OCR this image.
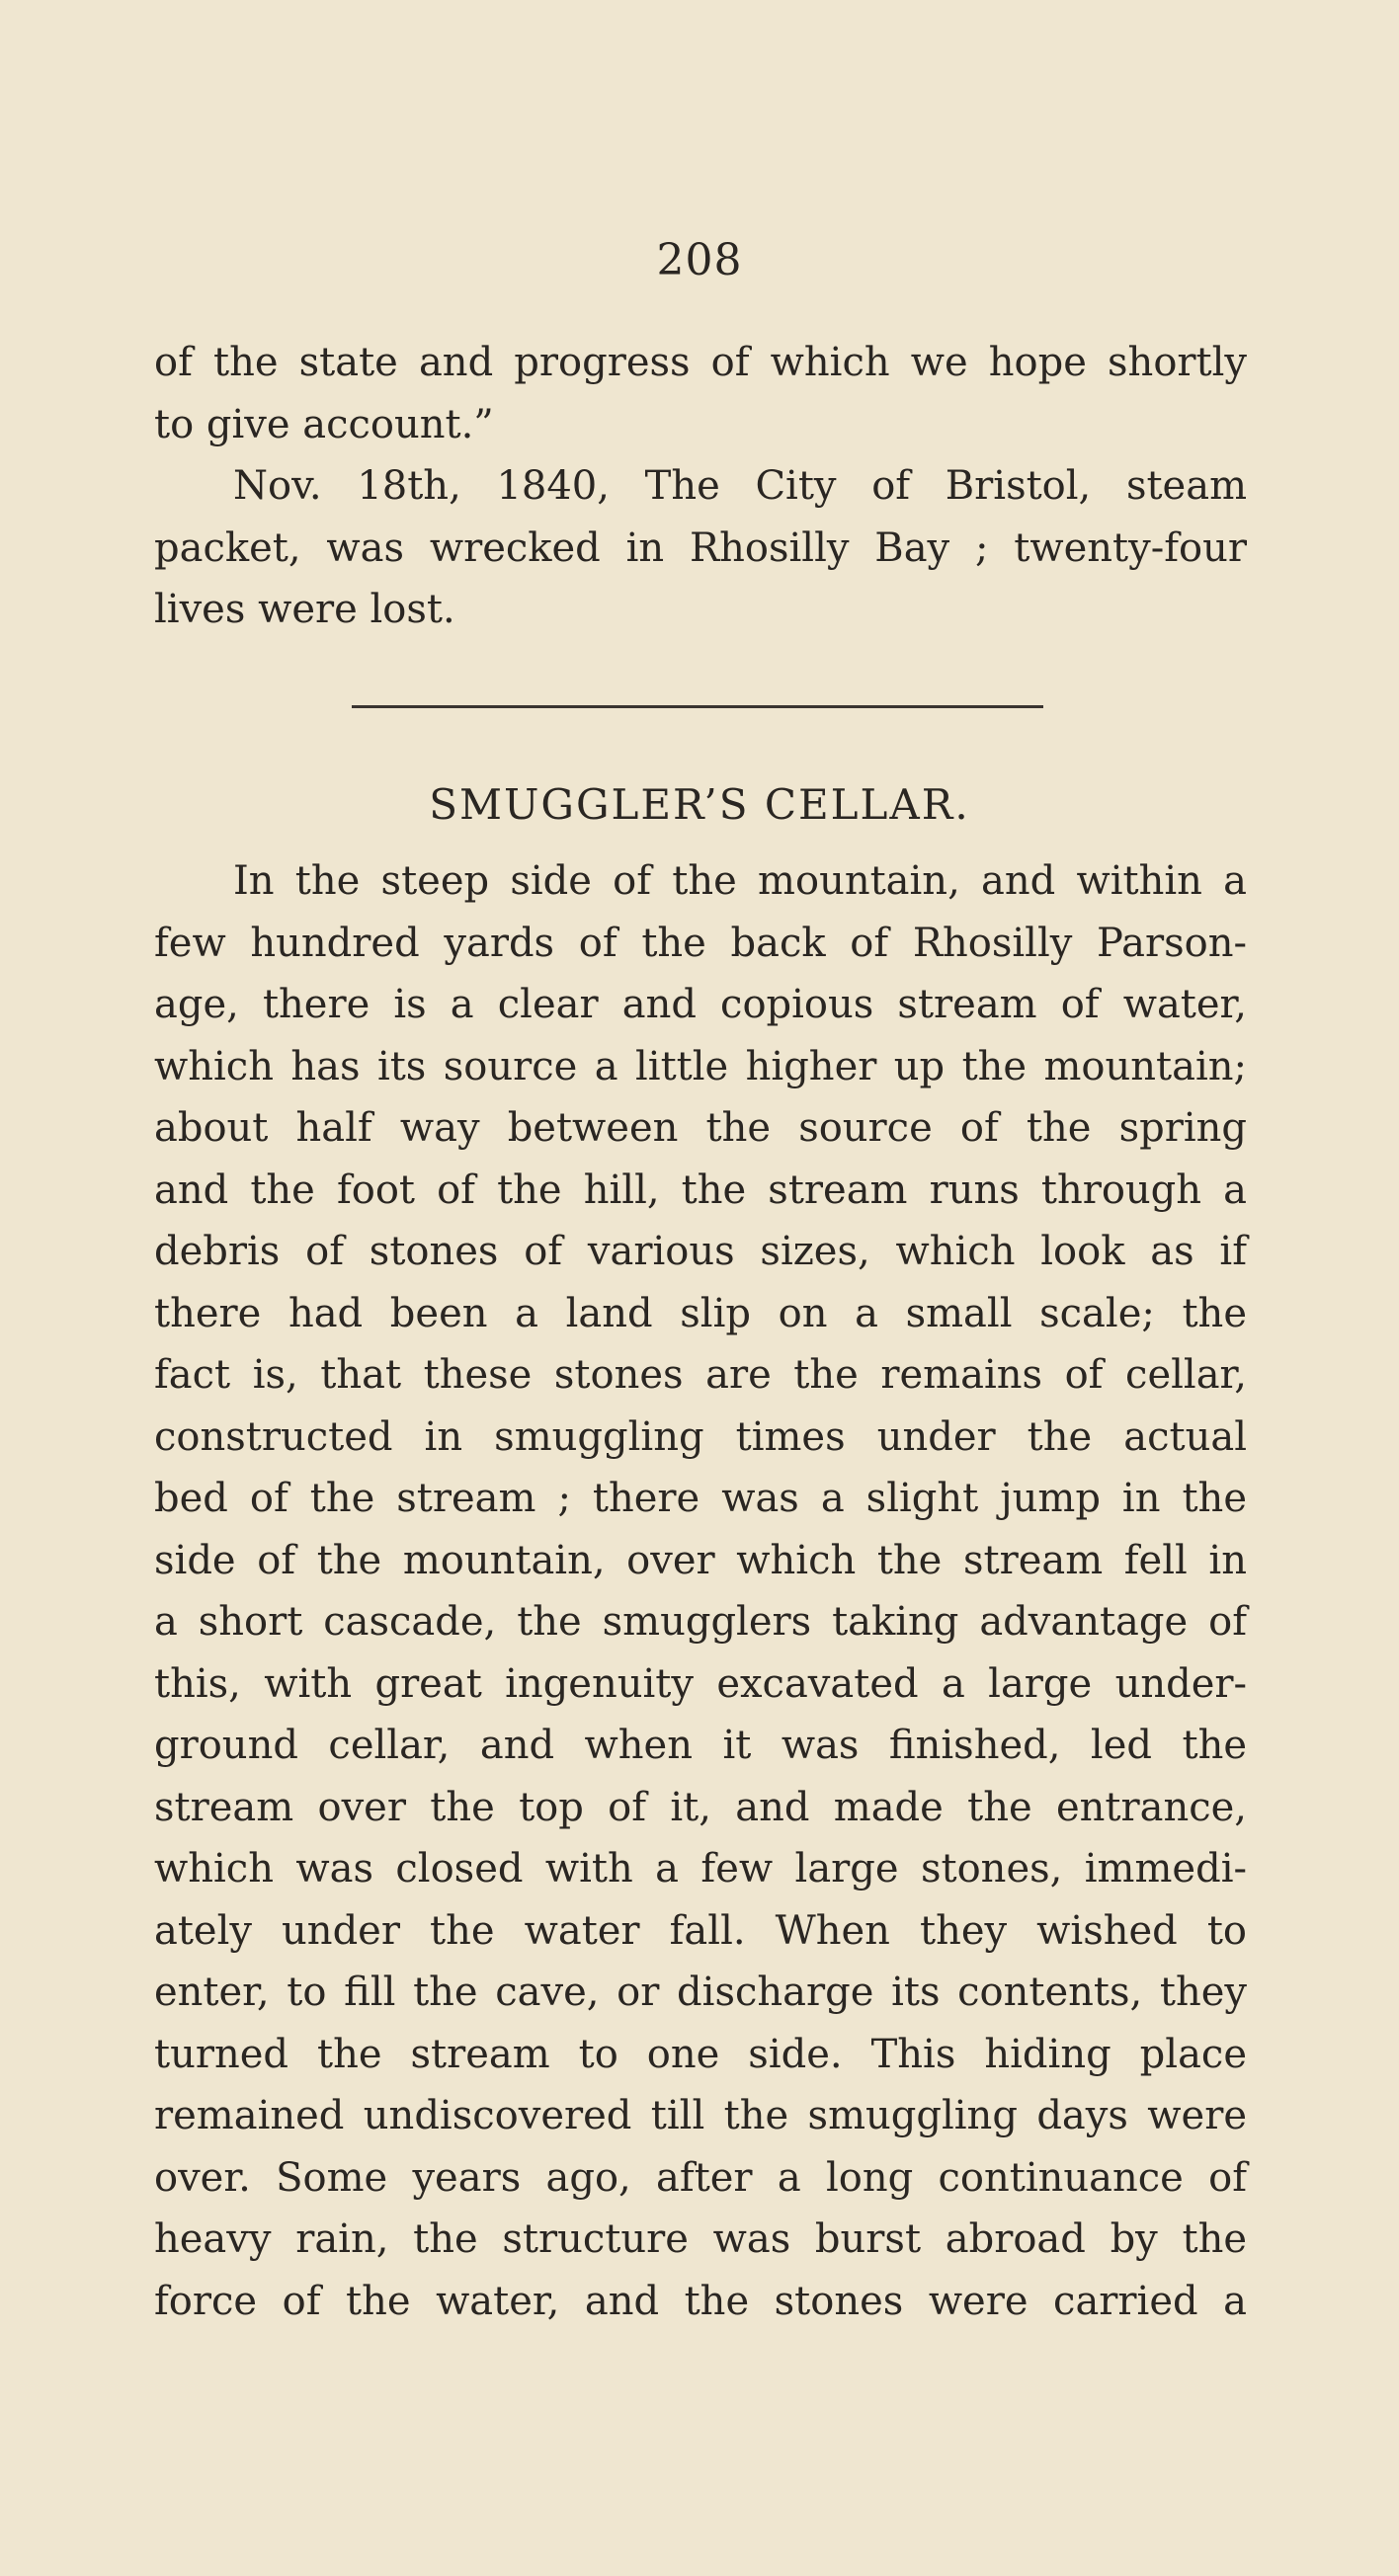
208
of the state and progress of which we hope shortly
to give account.”
Nov. 18th, 1840, The City of Bristol, steam
packet, was wrecked in Rhosilly Bay ; twenty-four
lives were lost.
SMUGGLER’S CELLAR.
In the steep side of the mountain, and within a
few hundred yards of the back of Rhosilly Parson-
age, there is a clear and copious stream of water,
which has its source a little higher up the mountain;
about half way between the source of the spring
and the foot of the hill, the stream runs through a
debris of stones of various sizes, which look as if
there had been a land slip on a small scale; the
fact is, that these stones are the remains of cellar,
constructed in smuggling times under the actual
bed of the stream ; there was a slight jump in the
side of the mountain, over which the stream fell in
a short cascade, the smugglers taking advantage of
this, with great ingenuity excavated a large under-
ground cellar, and when it was finished, led the
stream over the top of it, and made the entrance,
which was closed with a few large stones, immedi-
ately under the water fall. When they wished to
enter, to fill the cave, or discharge its contents, they
turned the stream to one side. This hiding place
remained undiscovered till the smuggling days were
over. Some years ago, after a long continuance of
heavy rain, the structure was burst abroad by the
force of the water, and the stones were carried a
